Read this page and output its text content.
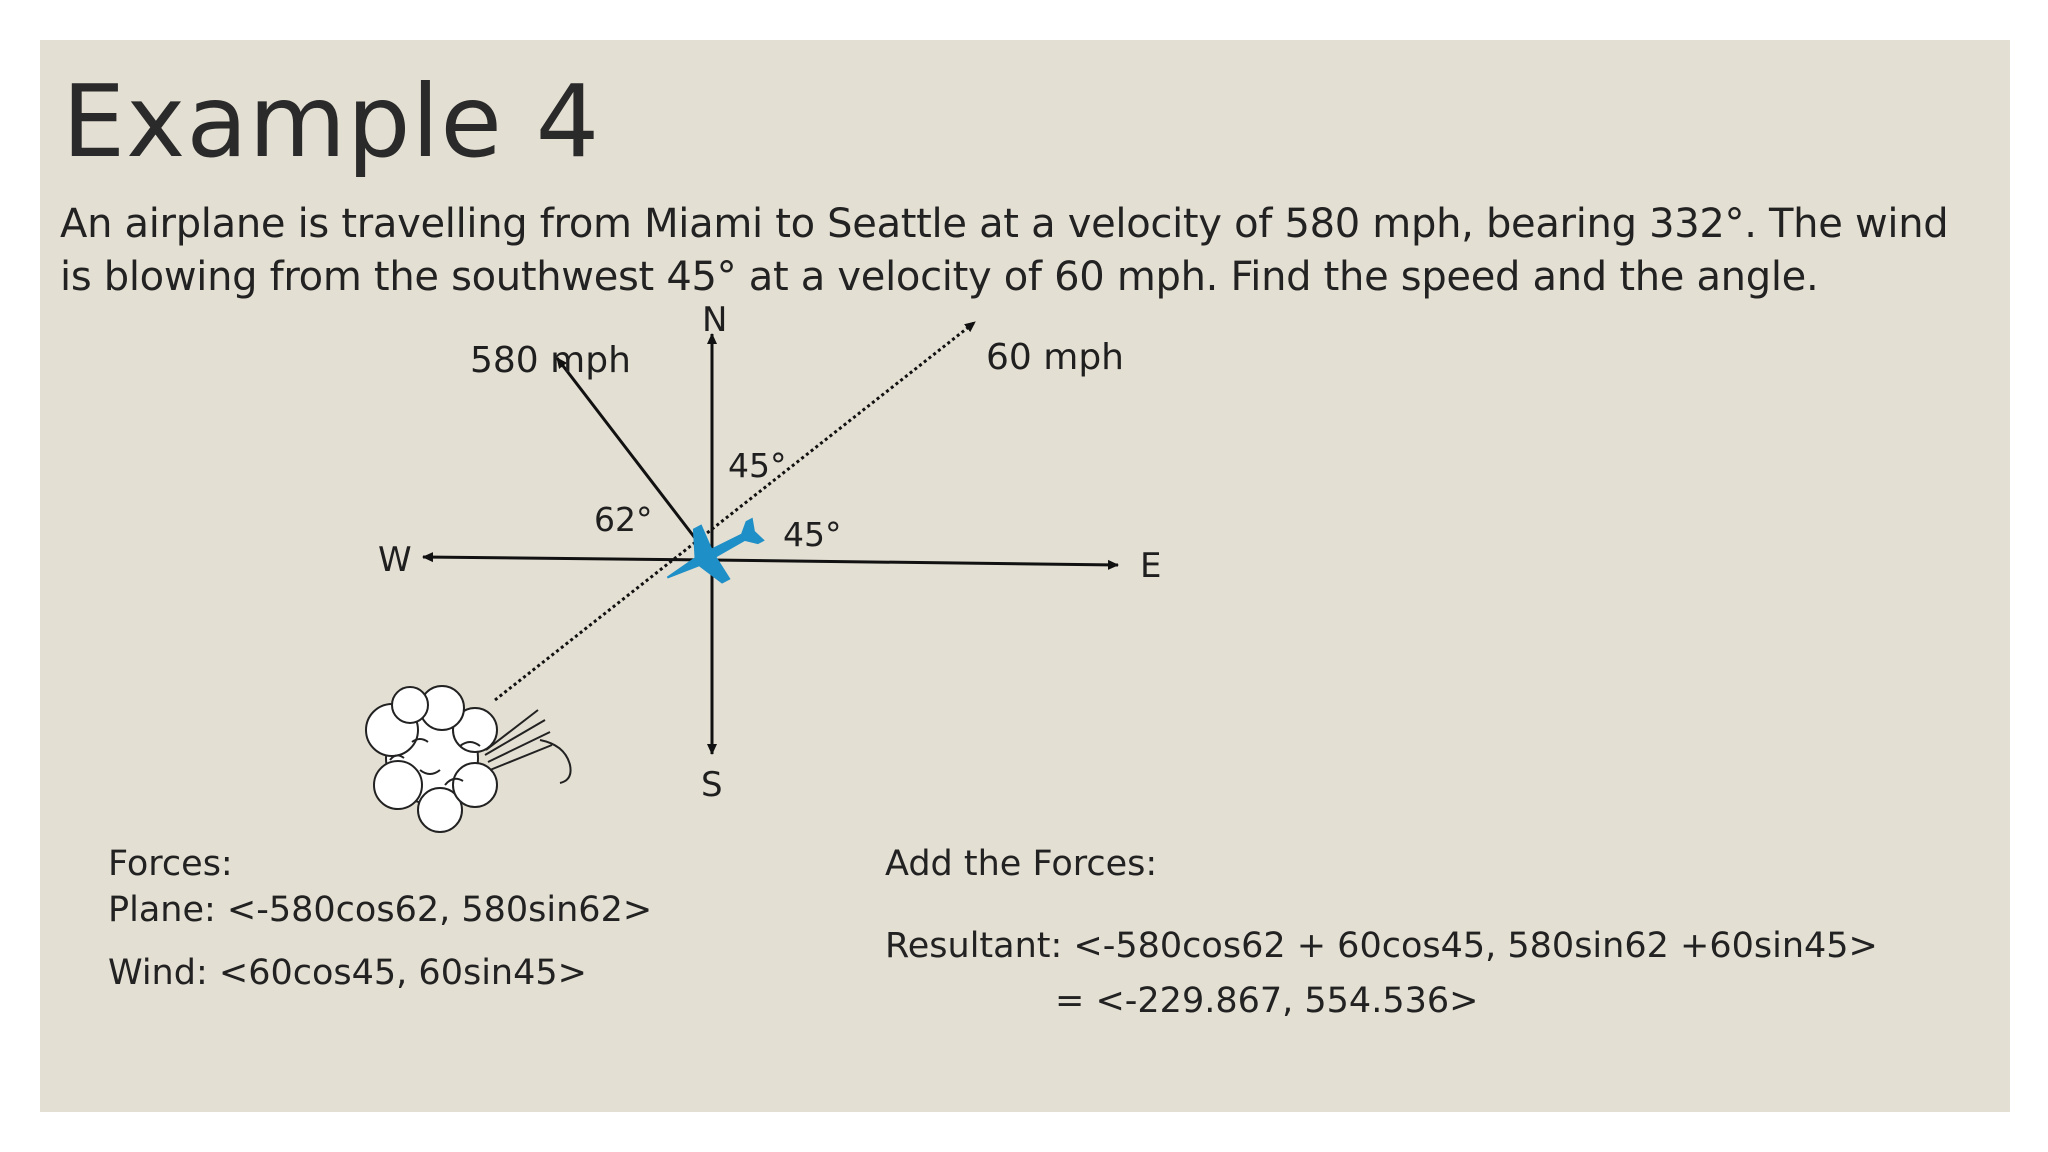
Example 4
An airplane is travelling from Miami to Seattle at a velocity of 580 mph, bearing 332°. The wind
is blowing from the southwest 45° at a velocity of 60 mph. Find the speed and the angle.
N
S
E
W
580 mph	60 mph
62°
45°
45°
Forces:
Plane: <-580cos62, 580sin62>
Wind: <60cos45, 60sin45>
Add the Forces:
Resultant: <-580cos62 + 60cos45, 580sin62 +60sin45>
= <-229.867, 554.536>
